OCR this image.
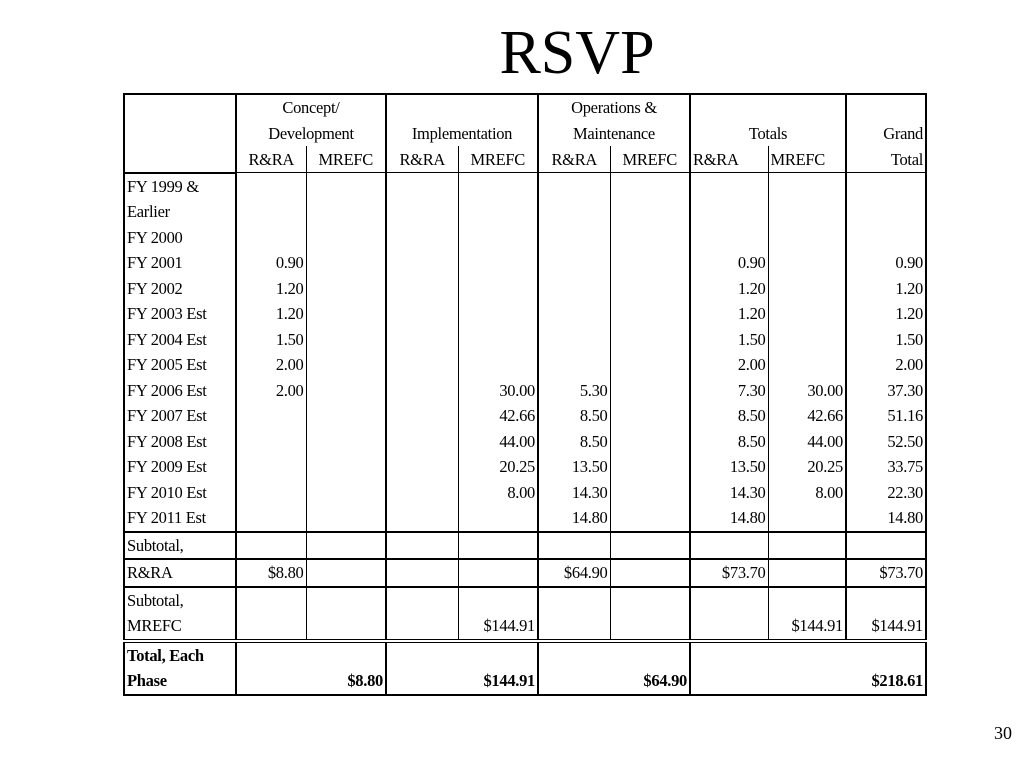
RSVP
	Concept/				Operations &				
	Development		Implementation		Maintenance		Totals		Grand
	R&RA	MREFC	R&RA	MREFC	R&RA	MREFC	R&RA	MREFC	Total
FY 1999 &									
Earlier									
FY 2000									
FY 2001	0.90						0.90		0.90
FY 2002	1.20						1.20		1.20
FY 2003 Est	1.20						1.20		1.20
FY 2004 Est	1.50						1.50		1.50
FY 2005 Est	2.00						2.00		2.00
FY 2006 Est	2.00			30.00	5.30		7.30	30.00	37.30
FY 2007 Est				42.66	8.50		8.50	42.66	51.16
FY 2008 Est				44.00	8.50		8.50	44.00	52.50
FY 2009 Est				20.25	13.50		13.50	20.25	33.75
FY 2010 Est				8.00	14.30		14.30	8.00	22.30
FY 2011 Est					14.80		14.80		14.80
Subtotal,									
R&RA	$8.80				$64.90		$73.70		$73.70
Subtotal,									
MREFC				$144.91				$144.91	$144.91
Total, Each									
Phase	$8.80		$144.91		$64.90		$218.61		
30
